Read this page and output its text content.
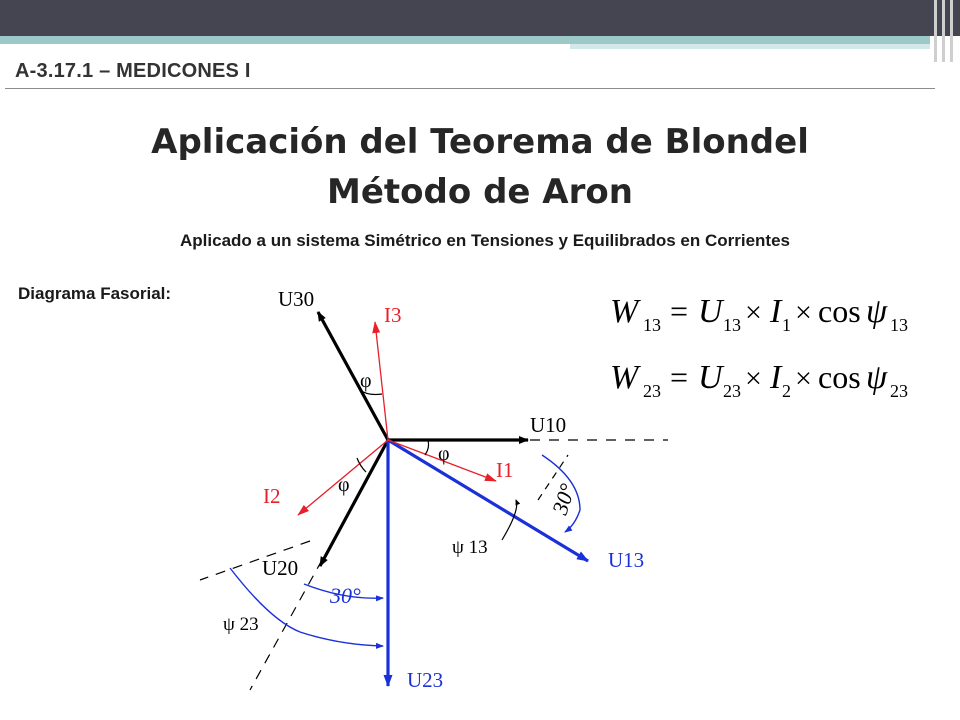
A-3.17.1 – MEDICONES I
Aplicación del Teorema de Blondel
Método de Aron
Aplicado a un sistema Simétrico en Tensiones y Equilibrados en Corrientes
Diagrama Fasorial:	U30
I3
φ
U10
φ
I1
φ
I2
U20
ψ 13
U13
30°
30°
ψ 23
U23
W 13 = U 13 × I 1 × cos ψ 13
W 23 = U 23 × I 2 × cos ψ 23
